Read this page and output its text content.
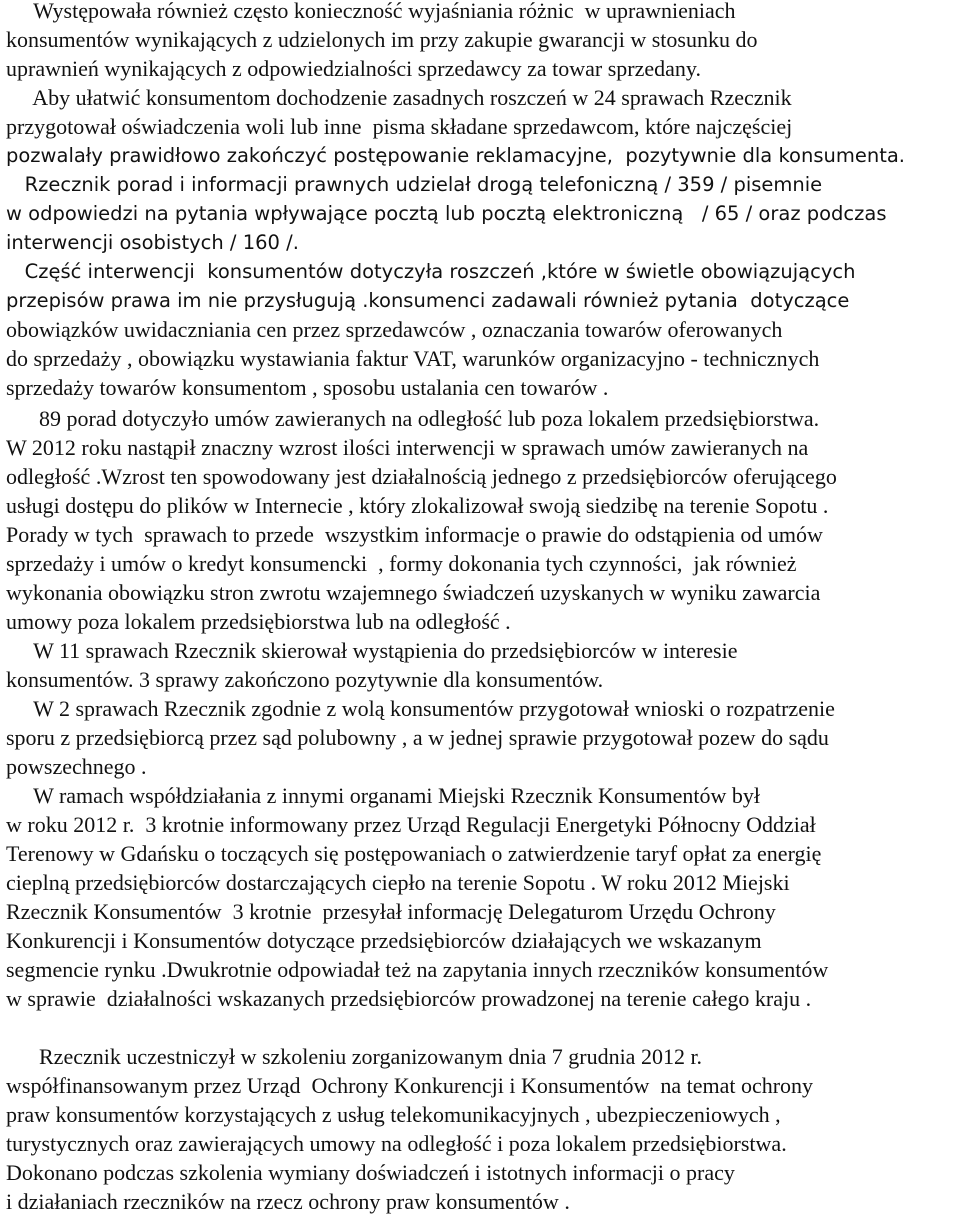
Występowała również często konieczność wyjaśniania różnic  w uprawnieniach
konsumentów wynikających z udzielonych im przy zakupie gwarancji w stosunku do
uprawnień wynikających z odpowiedzialności sprzedawcy za towar sprzedany.
Aby ułatwić konsumentom dochodzenie zasadnych roszczeń w 24 sprawach Rzecznik
przygotował oświadczenia woli lub inne  pisma składane sprzedawcom, które najczęściej
pozwalały prawidłowo zakończyć postępowanie reklamacyjne,  pozytywnie dla konsumenta.
Rzecznik porad i informacji prawnych udzielał drogą telefoniczną / 359 / pisemnie
w odpowiedzi na pytania wpływające pocztą lub pocztą elektroniczną   / 65 / oraz podczas
interwencji osobistych / 160 /.
Część interwencji  konsumentów dotyczyła roszczeń ,które w świetle obowiązujących
przepisów prawa im nie przysługują .konsumenci zadawali również pytania  dotyczące
obowiązków uwidaczniania cen przez sprzedawców , oznaczania towarów oferowanych
do sprzedaży , obowiązku wystawiania faktur VAT, warunków organizacyjno - technicznych
sprzedaży towarów konsumentom , sposobu ustalania cen towarów .
89 porad dotyczyło umów zawieranych na odległość lub poza lokalem przedsiębiorstwa.
W 2012 roku nastąpił znaczny wzrost ilości interwencji w sprawach umów zawieranych na
odległość .Wzrost ten spowodowany jest działalnością jednego z przedsiębiorców oferującego
usługi dostępu do plików w Internecie , który zlokalizował swoją siedzibę na terenie Sopotu .
Porady w tych  sprawach to przede  wszystkim informacje o prawie do odstąpienia od umów
sprzedaży i umów o kredyt konsumencki  , formy dokonania tych czynności,  jak również
wykonania obowiązku stron zwrotu wzajemnego świadczeń uzyskanych w wyniku zawarcia
umowy poza lokalem przedsiębiorstwa lub na odległość .
W 11 sprawach Rzecznik skierował wystąpienia do przedsiębiorców w interesie
konsumentów. 3 sprawy zakończono pozytywnie dla konsumentów.
W 2 sprawach Rzecznik zgodnie z wolą konsumentów przygotował wnioski o rozpatrzenie
sporu z przedsiębiorcą przez sąd polubowny , a w jednej sprawie przygotował pozew do sądu
powszechnego .
W ramach współdziałania z innymi organami Miejski Rzecznik Konsumentów był
w roku 2012 r.  3 krotnie informowany przez Urząd Regulacji Energetyki Północny Oddział
Terenowy w Gdańsku o toczących się postępowaniach o zatwierdzenie taryf opłat za energię
cieplną przedsiębiorców dostarczających ciepło na terenie Sopotu . W roku 2012 Miejski
Rzecznik Konsumentów  3 krotnie  przesyłał informację Delegaturom Urzędu Ochrony
Konkurencji i Konsumentów dotyczące przedsiębiorców działających we wskazanym
segmencie rynku .Dwukrotnie odpowiadał też na zapytania innych rzeczników konsumentów
w sprawie  działalności wskazanych przedsiębiorców prowadzonej na terenie całego kraju .
Rzecznik uczestniczył w szkoleniu zorganizowanym dnia 7 grudnia 2012 r.
współfinansowanym przez Urząd  Ochrony Konkurencji i Konsumentów  na temat ochrony
praw konsumentów korzystających z usług telekomunikacyjnych , ubezpieczeniowych ,
turystycznych oraz zawierających umowy na odległość i poza lokalem przedsiębiorstwa.
Dokonano podczas szkolenia wymiany doświadczeń i istotnych informacji o pracy
i działaniach rzeczników na rzecz ochrony praw konsumentów .
